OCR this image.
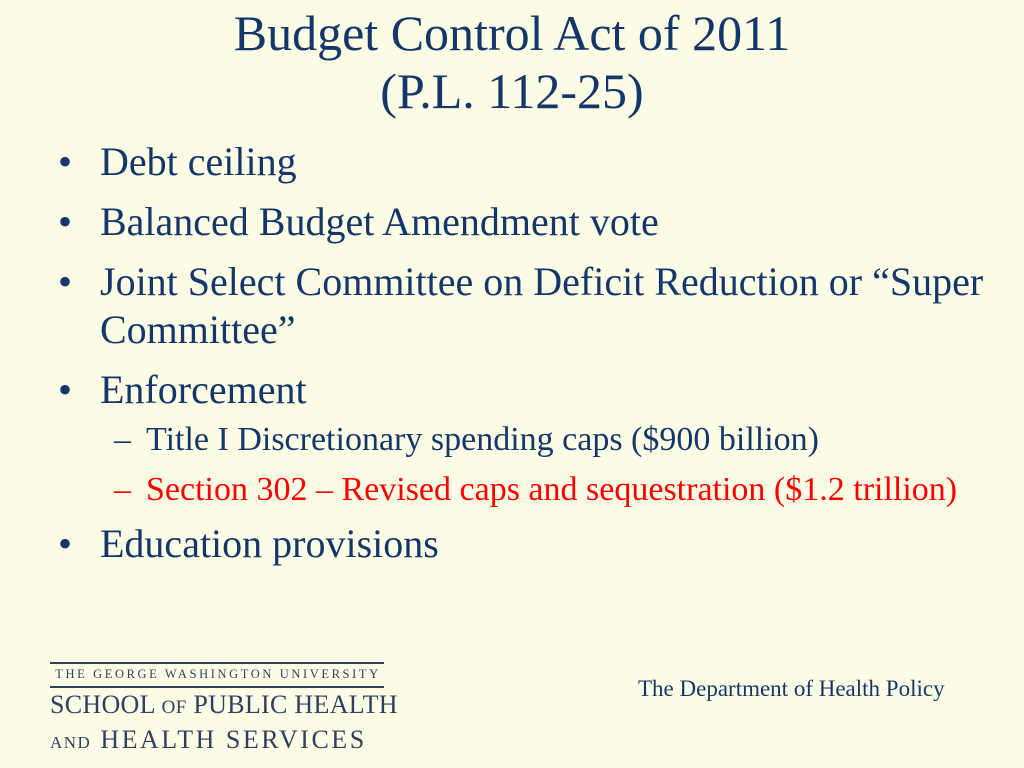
Budget Control Act of 2011
(P.L. 112-25)
• Debt ceiling
• Balanced Budget Amendment vote
• Joint Select Committee on Deficit Reduction or “Super Committee”
• Enforcement
– Title I Discretionary spending caps ($900 billion)
– Section 302 – Revised caps and sequestration ($1.2 trillion)
• Education provisions
THE GEORGE WASHINGTON UNIVERSITY
SCHOOL OF PUBLIC HEALTH
AND HEALTH SERVICES
The Department of Health Policy
